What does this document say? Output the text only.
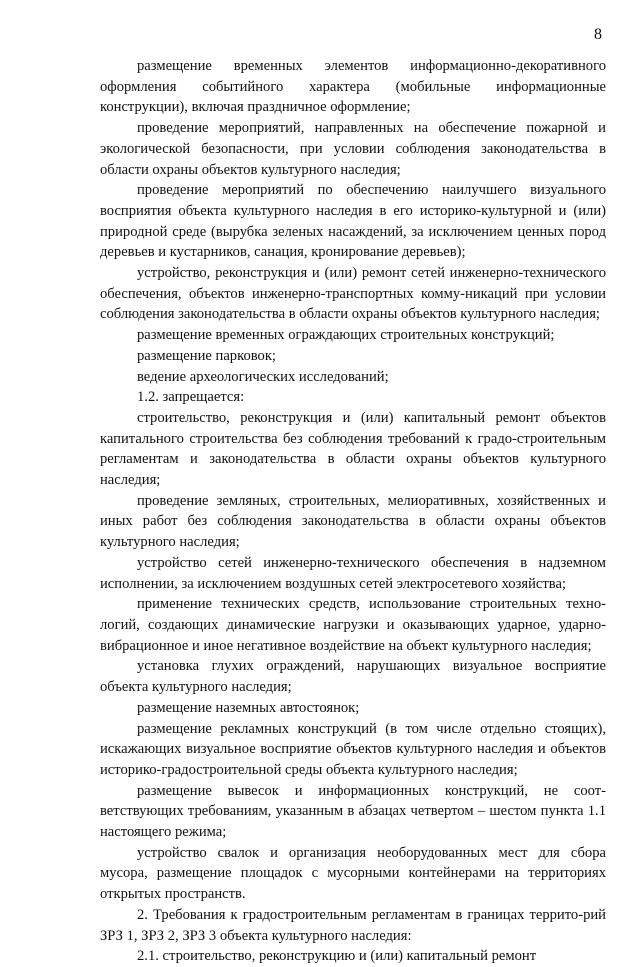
8

размещение временных элементов информационно-декоративного оформления событийного характера (мобильные информационные конструкции), включая праздничное оформление;

проведение мероприятий, направленных на обеспечение пожарной и экологической безопасности, при условии соблюдения законодательства в области охраны объектов культурного наследия;

проведение мероприятий по обеспечению наилучшего визуального восприятия объекта культурного наследия в его историко-культурной и (или) природной среде (вырубка зеленых насаждений, за исключением ценных пород деревьев и кустарников, санация, кронирование деревьев);

устройство, реконструкция и (или) ремонт сетей инженерно-технического обеспечения, объектов инженерно-транспортных комму-никаций при условии соблюдения законодательства в области охраны объектов культурного наследия;

размещение временных ограждающих строительных конструкций;

размещение парковок;

ведение археологических исследований;

1.2. запрещается:

строительство, реконструкция и (или) капитальный ремонт объектов капитального строительства без соблюдения требований к градо-строительным регламентам и законодательства в области охраны объектов культурного наследия;

проведение земляных, строительных, мелиоративных, хозяйственных и иных работ без соблюдения законодательства в области охраны объектов культурного наследия;

устройство сетей инженерно-технического обеспечения в надземном исполнении, за исключением воздушных сетей электросетевого хозяйства;

применение технических средств, использование строительных техно-логий, создающих динамические нагрузки и оказывающих ударное, ударно-вибрационное и иное негативное воздействие на объект культурного наследия;

установка глухих ограждений, нарушающих визуальное восприятие объекта культурного наследия;

размещение наземных автостоянок;

размещение рекламных конструкций (в том числе отдельно стоящих), искажающих визуальное восприятие объектов культурного наследия и объектов историко-градостроительной среды объекта культурного наследия;

размещение вывесок и информационных конструкций, не соот-ветствующих требованиям, указанным в абзацах четвертом – шестом пункта 1.1 настоящего режима;

устройство свалок и организация необорудованных мест для сбора мусора, размещение площадок с мусорными контейнерами на территориях открытых пространств.

2. Требования к градостроительным регламентам в границах террито-рий ЗРЗ 1, ЗРЗ 2, ЗРЗ 3 объекта культурного наследия:

2.1. строительство, реконструкцию и (или) капитальный ремонт
